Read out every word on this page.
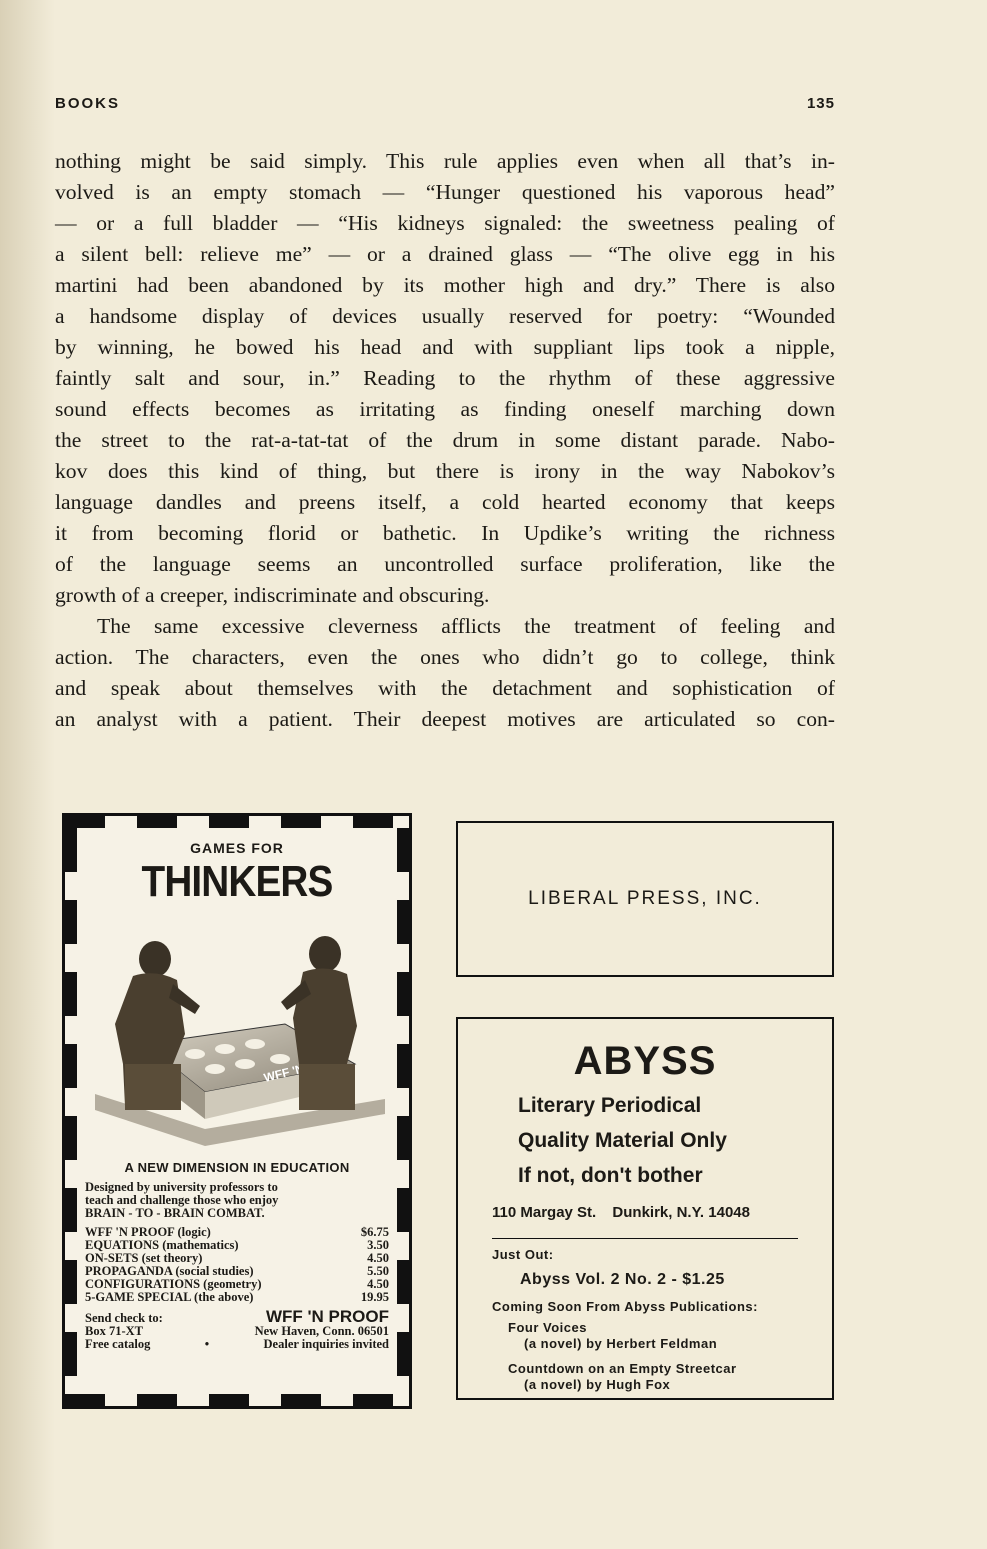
BOOKS	135

nothing might be said simply. This rule applies even when all that’s in-

volved is an empty stomach — “Hunger questioned his vaporous head”

— or a full bladder — “His kidneys signaled: the sweetness pealing of

a silent bell: relieve me” — or a drained glass — “The olive egg in his

martini had been abandoned by its mother high and dry.” There is also

a handsome display of devices usually reserved for poetry: “Wounded

by winning, he bowed his head and with suppliant lips took a nipple,

faintly salt and sour, in.” Reading to the rhythm of these aggressive

sound effects becomes as irritating as finding oneself marching down

the street to the rat-a-tat-tat of the drum in some distant parade. Nabo-

kov does this kind of thing, but there is irony in the way Nabokov’s

language dandles and preens itself, a cold hearted economy that keeps

it from becoming florid or bathetic. In Updike’s writing the richness

of the language seems an uncontrolled surface proliferation, like the

growth of a creeper, indiscriminate and obscuring.

The same excessive cleverness afflicts the treatment of feeling and

action. The characters, even the ones who didn’t go to college, think

and speak about themselves with the detachment and sophistication of

an analyst with a patient. Their deepest motives are articulated so con-

GAMES FOR
THINKERS
WFF 'N
A NEW DIMENSION IN EDUCATION
Designed by university professors to
teach and challenge those who enjoy
BRAIN - TO - BRAIN COMBAT.
WFF 'N PROOF (logic)	$6.75
EQUATIONS (mathematics)	3.50
ON-SETS (set theory)	4.50
PROPAGANDA (social studies)	5.50
CONFIGURATIONS (geometry)	4.50
5-GAME SPECIAL (the above)	19.95
Send check to:	WFF 'N PROOF
Box 71-XT	New Haven, Conn. 06501
Free catalog	•	Dealer inquiries invited
LIBERAL PRESS, INC.
ABYSS
Literary Periodical
Quality Material Only
If not, don't bother
110 Margay St. Dunkirk, N.Y. 14048
Just Out:
Abyss Vol. 2 No. 2 - $1.25
Coming Soon From Abyss Publications:
Four Voices
(a novel) by Herbert Feldman
Countdown on an Empty Streetcar
(a novel) by Hugh Fox
